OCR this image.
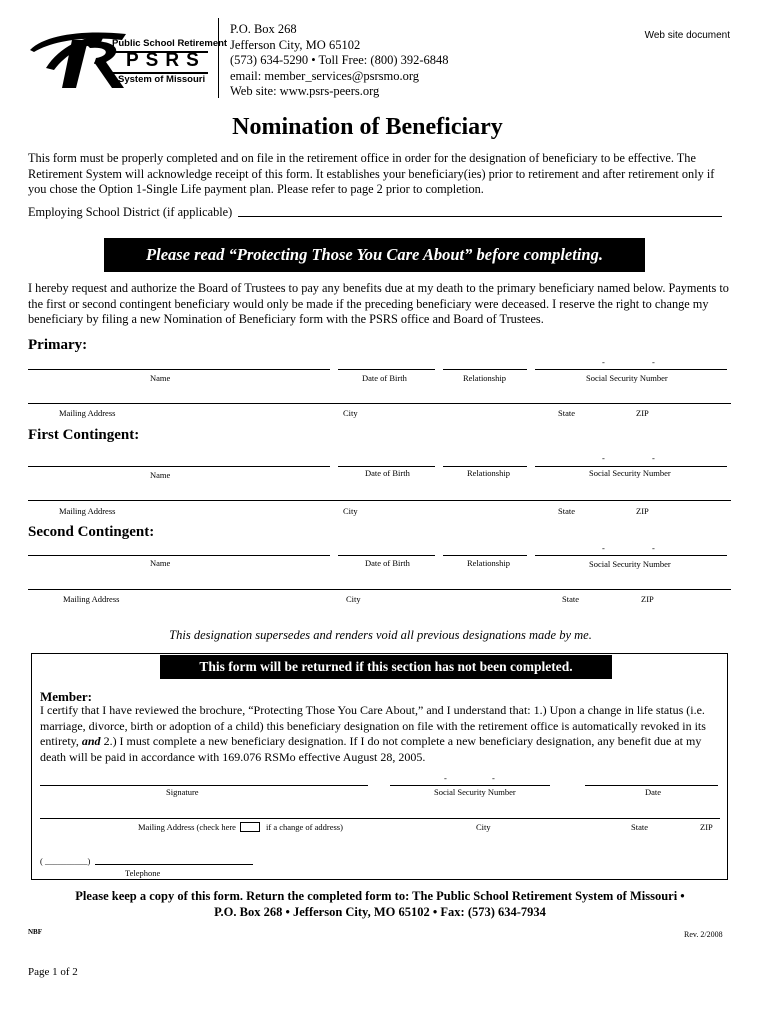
Public School Retirement
PSRS
System of Missouri
P.O. Box 268
Jefferson City, MO 65102
(573) 634-5290 • Toll Free: (800) 392-6848
email: member_services@psrsmo.org
Web site: www.psrs-peers.org
Web site document
Nomination of Beneficiary
This form must be properly completed and on file in the retirement office in order for the designation of beneficiary to be effective. The Retirement System will acknowledge receipt of this form. It establishes your beneficiary(ies) prior to retirement and after retirement only if you chose the Option 1-Single Life payment plan. Please refer to page 2 prior to completion.
Employing School District (if applicable)
Please read “Protecting Those You Care About” before completing.
I hereby request and authorize the Board of Trustees to pay any benefits due at my death to the primary beneficiary named below. Payments to the first or second contingent beneficiary would only be made if the preceding beneficiary were deceased. I reserve the right to change my beneficiary by filing a new Nomination of Beneficiary form with the PSRS office and Board of Trustees.
Primary:
-	-
Name	Date of Birth	Relationship	Social Security Number
Mailing Address	City	State	ZIP
First Contingent:
-	-
Name	Date of Birth	Relationship	Social Security Number
Mailing Address	City	State	ZIP
Second Contingent:
-	-
Name	Date of Birth	Relationship	Social Security Number
Mailing Address	City	State	ZIP
This designation supersedes and renders void all previous designations made by me.
This form will be returned if this section has not been completed.
Member:
I certify that I have reviewed the brochure, “Protecting Those You Care About,” and I understand that: 1.) Upon a change in life status (i.e. marriage, divorce, birth or adoption of a child) this beneficiary designation on file with the retirement office is automatically revoked in its entirety, and 2.) I must complete a new beneficiary designation. If I do not complete a new beneficiary designation, any benefit due at my death will be paid in accordance with 169.076 RSMo effective August 28, 2005.
-	-
Signature	Social Security Number	Date
Mailing Address (check here	if a change of address)	City	State	ZIP
( __________)
Telephone
Please keep a copy of this form. Return the completed form to: The Public School Retirement System of Missouri •
P.O. Box 268 • Jefferson City, MO 65102 • Fax: (573) 634-7934
NBF	Rev. 2/2008
Page 1 of 2
